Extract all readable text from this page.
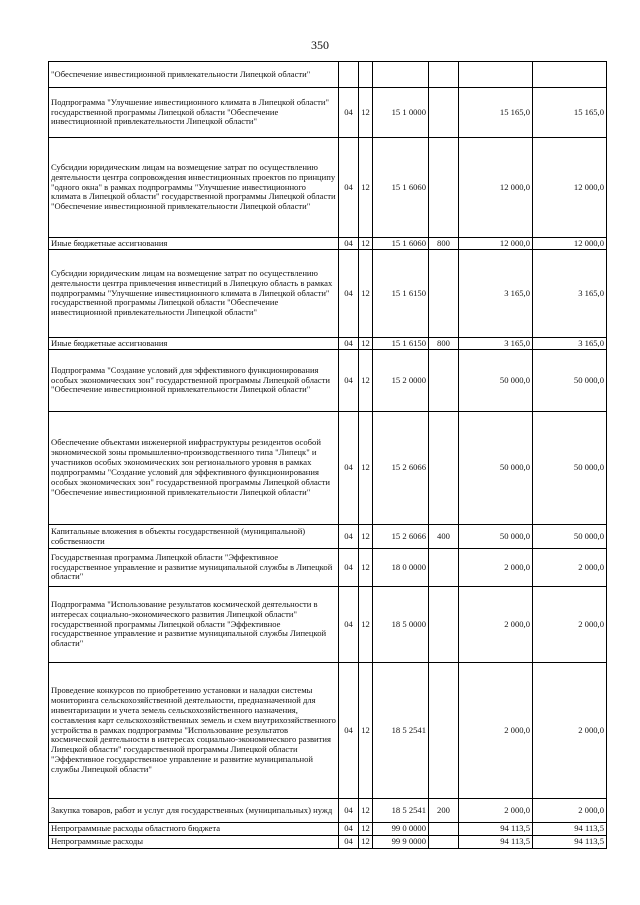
350
"Обеспечение инвестиционной привлекательности Липецкой области"						
Подпрограмма "Улучшение инвестиционного климата в Липецкой области" государственной программы Липецкой области "Обеспечение инвестиционной привлекательности Липецкой области"	04	12	15 1 0000		15 165,0	15 165,0
Субсидии юридическим лицам на возмещение затрат по осуществлению деятельности центра сопровождения инвестиционных проектов по принципу "одного окна" в рамках подпрограммы "Улучшение инвестиционного климата в Липецкой области" государственной программы Липецкой области "Обеспечение инвестиционной привлекательности Липецкой области"	04	12	15 1 6060		12 000,0	12 000,0
Иные бюджетные ассигнования	04	12	15 1 6060	800	12 000,0	12 000,0
Субсидии юридическим лицам на возмещение затрат по осуществлению деятельности центра привлечения инвестиций в Липецкую область в рамках подпрограммы "Улучшение инвестиционного климата в Липецкой области" государственной программы Липецкой области "Обеспечение инвестиционной привлекательности Липецкой области"	04	12	15 1 6150		3 165,0	3 165,0
Иные бюджетные ассигнования	04	12	15 1 6150	800	3 165,0	3 165,0
Подпрограмма "Создание условий для эффективного функционирования особых экономических зон" государственной программы Липецкой области "Обеспечение инвестиционной привлекательности Липецкой области"	04	12	15 2 0000		50 000,0	50 000,0
Обеспечение объектами инженерной инфраструктуры резидентов особой экономической зоны промышленно-производственного типа "Липецк" и участников особых экономических зон регионального уровня в рамках подпрограммы "Создание условий для эффективного функционирования особых экономических зон" государственной программы Липецкой области "Обеспечение инвестиционной привлекательности Липецкой области"	04	12	15 2 6066		50 000,0	50 000,0
Капитальные вложения в объекты государственной (муниципальной) собственности	04	12	15 2 6066	400	50 000,0	50 000,0
Государственная программа Липецкой области "Эффективное государственное управление и развитие муниципальной службы в Липецкой области"	04	12	18 0 0000		2 000,0	2 000,0
Подпрограмма "Использование результатов космической деятельности в интересах социально-экономического развития Липецкой области" государственной программы Липецкой области "Эффективное государственное управление и развитие муниципальной службы Липецкой области"	04	12	18 5 0000		2 000,0	2 000,0
Проведение конкурсов по приобретению установки и наладки системы мониторинга сельскохозяйственной деятельности, предназначенной для инвентаризации и учета земель сельскохозяйственного назначения, составления карт сельскохозяйственных земель и схем внутрихозяйственного устройства в рамках подпрограммы "Использование результатов космической деятельности в интересах социально-экономического развития Липецкой области" государственной программы Липецкой области "Эффективное государственное управление и развитие муниципальной службы Липецкой области"	04	12	18 5 2541		2 000,0	2 000,0
Закупка товаров, работ и услуг для государственных (муниципальных) нужд	04	12	18 5 2541	200	2 000,0	2 000,0
Непрограммные расходы областного бюджета	04	12	99 0 0000		94 113,5	94 113,5
Непрограммные расходы	04	12	99 9 0000		94 113,5	94 113,5
